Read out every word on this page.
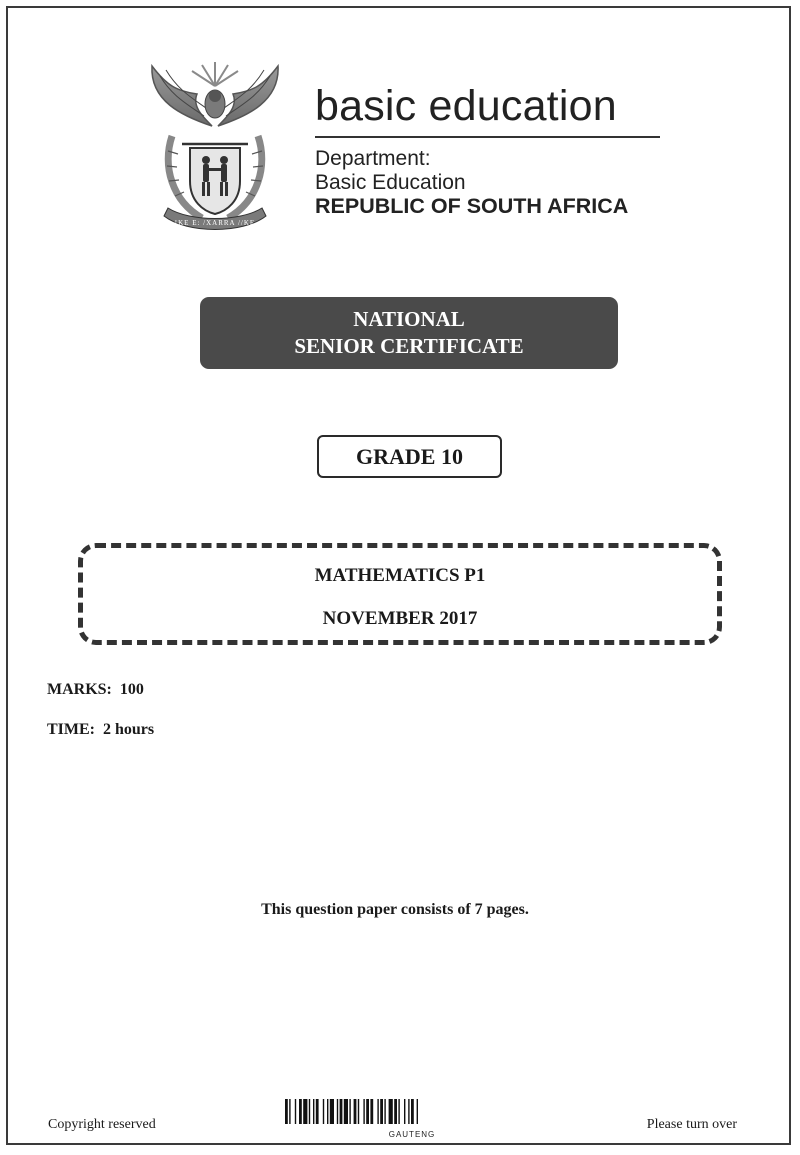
!KE E: /XARRA //KE
basic education
Department:
Basic Education
REPUBLIC OF SOUTH AFRICA
NATIONAL
SENIOR CERTIFICATE
GRADE 10
MATHEMATICS P1
NOVEMBER 2017
MARKS:  100
TIME:  2 hours
This question paper consists of 7 pages.
Copyright reserved
GAUTENG
Please turn over
